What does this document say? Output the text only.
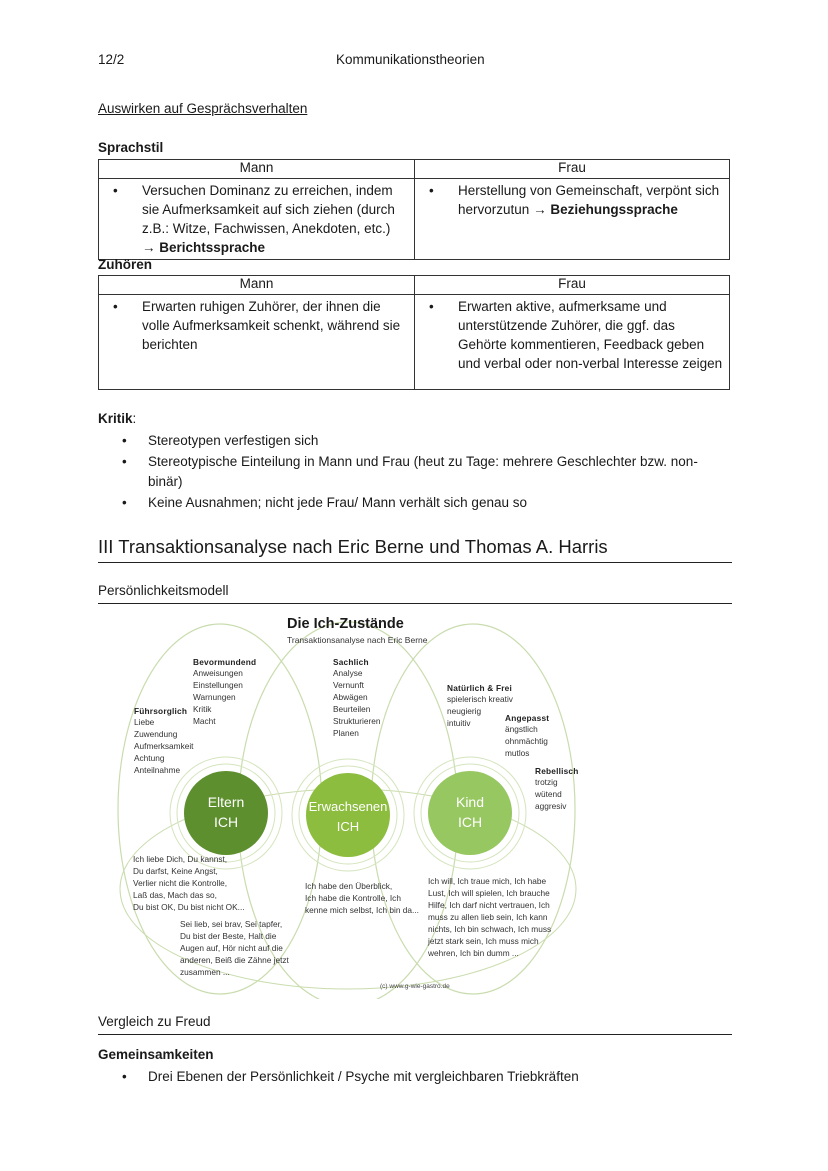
12/2	Kommunikationstheorien
Auswirken auf Gesprächsverhalten
Sprachstil
Mann	Frau

• Versuchen Dominanz zu erreichen, indem sie Aufmerksamkeit auf sich ziehen (durch z.B.: Witze, Fachwissen, Anekdoten, etc.)
→ Berichtssprache	• Herstellung von Gemeinschaft, verpönt sich hervorzutun → Beziehungssprache
Zuhören
Mann	Frau

• Erwarten ruhigen Zuhörer, der ihnen die volle Aufmerksamkeit schenkt, während sie berichten	• Erwarten aktive, aufmerksame und unterstützende Zuhörer, die ggf. das Gehörte kommentieren, Feedback geben und verbal oder non-verbal Interesse zeigen
Kritik:
•	Stereotypen verfestigen sich
•	Stereotypische Einteilung in Mann und Frau (heut zu Tage: mehrere Geschlechter bzw. non-binär)
•	Keine Ausnahmen; nicht jede Frau/ Mann verhält sich genau so
III Transaktionsanalyse nach Eric Berne und Thomas A. Harris
Persönlichkeitsmodell
Eltern
ICH
Erwachsenen
ICH
Kind
ICH
Die Ich-Zustände
Transaktionsanalyse nach Eric Berne
Bevormundend
Anweisungen
Einstellungen
Warnungen
Kritik
Macht
Führsorglich
Liebe
Zuwendung
Aufmerksamkeit
Achtung
Anteilnahme
Sachlich
Analyse
Vernunft
Abwägen
Beurteilen
Strukturieren
Planen
Natürlich & Frei
spielerisch kreativ
neugierig
intuitiv	Angepasst
ängstlich
ohnmächtig
mutlos
Rebellisch
trotzig
wütend
aggresiv
Ich liebe Dich, Du kannst,
Du darfst, Keine Angst,
Verlier nicht die Kontrolle,
Laß das, Mach das so,
Du bist OK, Du bist nicht OK...
Sei lieb, sei brav, Sei tapfer,
Du bist der Beste, Halt die
Augen auf, Hör nicht auf die
anderen, Beiß die Zähne jetzt
zusammen ...
Ich habe den Überblick,
Ich habe die Kontrolle, Ich
kenne mich selbst, Ich bin da...
Ich will, Ich traue mich, Ich habe
Lust, Ich will spielen, Ich brauche
Hilfe, Ich darf nicht vertrauen, Ich
muss zu allen lieb sein, Ich kann
nichts, Ich bin schwach, Ich muss
jetzt stark sein, Ich muss mich
wehren, Ich bin dumm ...
(c) www.g-wie-gastro.de
Vergleich zu Freud
Gemeinsamkeiten
•	Drei Ebenen der Persönlichkeit / Psyche mit vergleichbaren Triebkräften
